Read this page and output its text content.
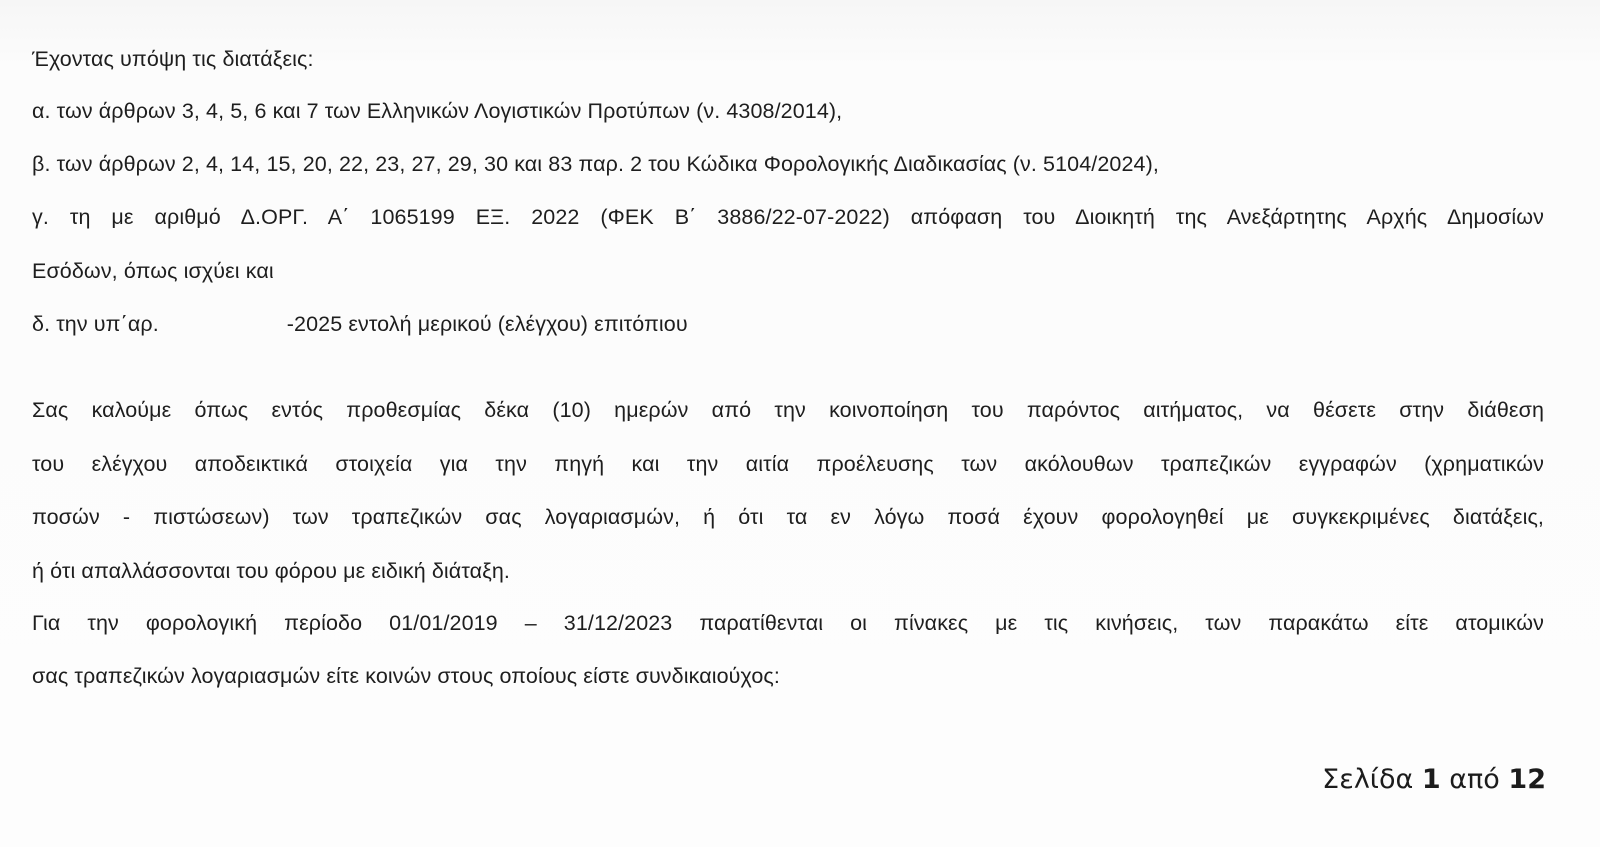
Έχοντας υπόψη τις διατάξεις:
α. των άρθρων 3, 4, 5, 6 και 7 των Ελληνικών Λογιστικών Προτύπων (ν. 4308/2014),
β. των άρθρων 2, 4, 14, 15, 20, 22, 23, 27, 29, 30 και 83 παρ. 2 του Κώδικα Φορολογικής Διαδικασίας (ν. 5104/2024),
γ. τη με αριθμό Δ.ΟΡΓ. Α΄ 1065199 ΕΞ. 2022 (ΦΕΚ Β΄ 3886/22-07-2022) απόφαση του Διοικητή της Ανεξάρτητης Αρχής Δημοσίων
Εσόδων, όπως ισχύει και
δ. την υπ΄αρ.	-2025 εντολή μερικού (ελέγχου) επιτόπιου
Σας καλούμε όπως εντός προθεσμίας δέκα (10) ημερών από την κοινοποίηση του παρόντος αιτήματος, να θέσετε στην διάθεση
του ελέγχου αποδεικτικά στοιχεία για την πηγή και την αιτία προέλευσης των ακόλουθων τραπεζικών εγγραφών (χρηματικών
ποσών - πιστώσεων) των τραπεζικών σας λογαριασμών, ή ότι τα εν λόγω ποσά έχουν φορολογηθεί με συγκεκριμένες διατάξεις,
ή ότι απαλλάσσονται του φόρου με ειδική διάταξη.
Για την φορολογική περίοδο 01/01/2019 – 31/12/2023 παρατίθενται οι πίνακες με τις κινήσεις, των παρακάτω είτε ατομικών
σας τραπεζικών λογαριασμών είτε κοινών στους οποίους είστε συνδικαιούχος:
Σελίδα 1 από 12
